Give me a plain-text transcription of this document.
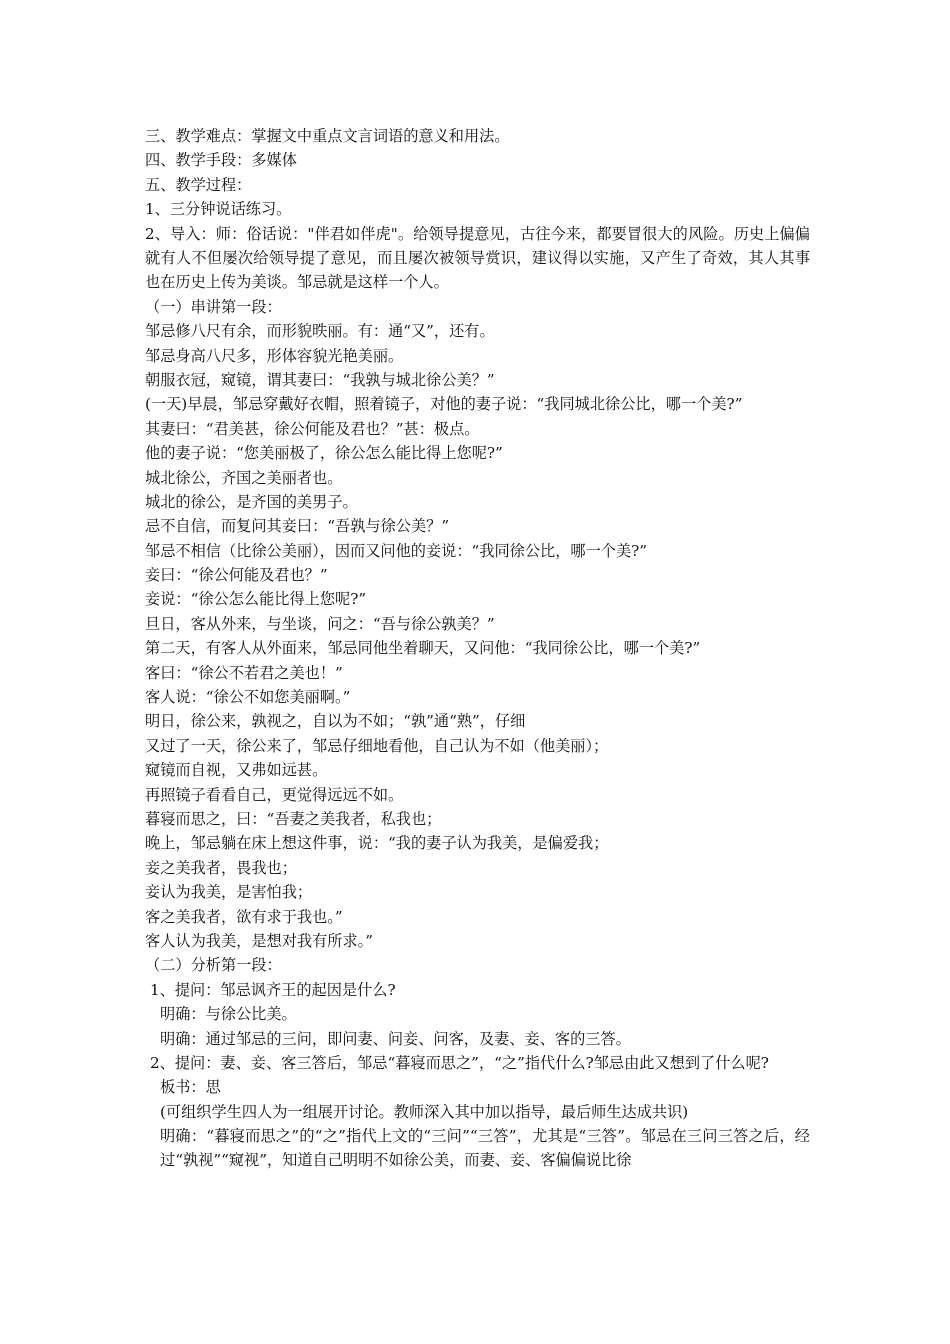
三、教学难点：掌握文中重点文言词语的意义和用法。
四、教学手段：多媒体
五、教学过程：
1、三分钟说话练习。
2、导入：师：俗话说："伴君如伴虎"。给领导提意见，古往今来，都要冒很大的风险。历史上偏偏就有人不但屡次给领导提了意见，而且屡次被领导赏识，建议得以实施，又产生了奇效，其人其事也在历史上传为美谈。邹忌就是这样一个人。
（一）串讲第一段：
邹忌修八尺有余，而形貌昳丽。有：通“又”，还有。
邹忌身高八尺多，形体容貌光艳美丽。
朝服衣冠，窥镜，谓其妻曰：“我孰与城北徐公美？”
(一天)早晨，邹忌穿戴好衣帽，照着镜子，对他的妻子说：“我同城北徐公比，哪一个美?”
其妻曰：“君美甚，徐公何能及君也？”甚：极点。
他的妻子说：“您美丽极了，徐公怎么能比得上您呢?”
城北徐公，齐国之美丽者也。
城北的徐公，是齐国的美男子。
忌不自信，而复问其妾曰：“吾孰与徐公美？”
邹忌不相信（比徐公美丽），因而又问他的妾说：“我同徐公比，哪一个美?”
妾曰：“徐公何能及君也？”
妾说：“徐公怎么能比得上您呢?”
旦日，客从外来，与坐谈，问之：“吾与徐公孰美？”
第二天，有客人从外面来，邹忌同他坐着聊天，又问他：“我同徐公比，哪一个美?”
客曰：“徐公不若君之美也！”
客人说：“徐公不如您美丽啊。”
明日，徐公来，孰视之，自以为不如；“孰”通“熟”，仔细
又过了一天，徐公来了，邹忌仔细地看他，自己认为不如（他美丽）；
窥镜而自视，又弗如远甚。
再照镜子看看自己，更觉得远远不如。
暮寝而思之，曰：“吾妻之美我者，私我也；
晚上，邹忌躺在床上想这件事，说：“我的妻子认为我美，是偏爱我；
妾之美我者，畏我也；
妾认为我美，是害怕我；
客之美我者，欲有求于我也。”
客人认为我美，是想对我有所求。”
（二）分析第一段：
1、提问：邹忌讽齐王的起因是什么?
明确：与徐公比美。
明确：通过邹忌的三问，即问妻、问妾、问客，及妻、妾、客的三答。
2、提问：妻、妾、客三答后，邹忌“暮寝而思之”，“之”指代什么?邹忌由此又想到了什么呢?
板书：思
(可组织学生四人为一组展开讨论。教师深入其中加以指导，最后师生达成共识)
明确：“暮寝而思之”的“之”指代上文的“三问”“三答”，尤其是“三答”。邹忌在三问三答之后，经过“孰视”“窥视”，知道自己明明不如徐公美，而妻、妾、客偏偏说比徐
